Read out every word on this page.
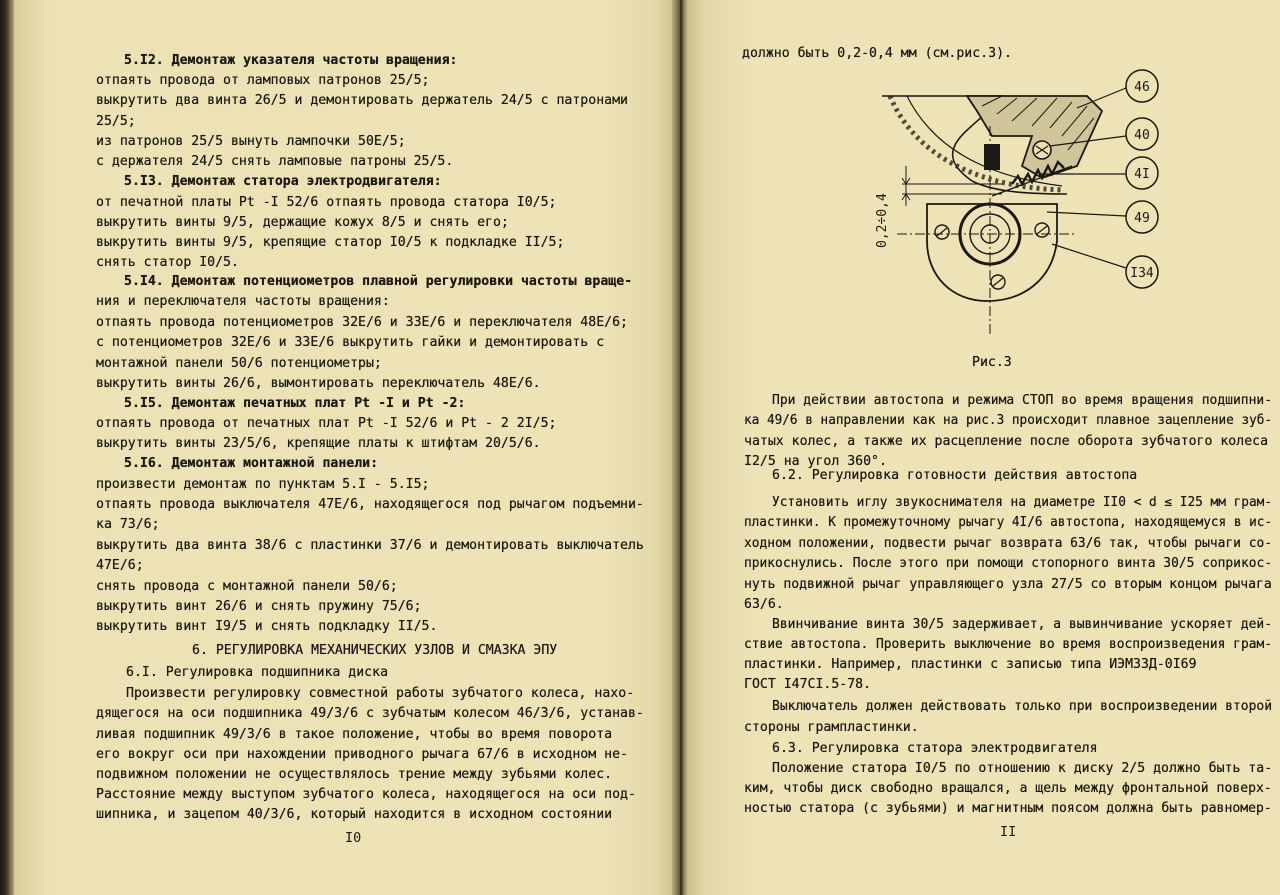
5.I2. Демонтаж указателя частоты вращения:
отпаять провода от ламповых патронов 25/5;
выкрутить два винта 26/5 и демонтировать держатель 24/5 с патронами
25/5;
из патронов 25/5 вынуть лампочки 50Е/5;
с держателя 24/5 снять ламповые патроны 25/5.
5.I3. Демонтаж статора электродвигателя:
от печатной платы Pt -I 52/6 отпаять провода статора I0/5;
выкрутить винты 9/5, держащие кожух 8/5 и снять его;
выкрутить винты 9/5, крепящие статор I0/5 к подкладке II/5;
снять статор I0/5.
5.I4. Демонтаж потенциометров плавной регулировки частоты враще-
ния и переключателя частоты вращения:
отпаять провода потенциометров 32Е/6 и 33Е/6 и переключателя 48Е/6;
с потенциометров 32Е/6 и 33Е/6 выкрутить гайки и демонтировать с
монтажной панели 50/6 потенциометры;
выкрутить винты 26/6, вымонтировать переключатель 48Е/6.
5.I5. Демонтаж печатных плат Pt -I и Pt -2:
отпаять провода от печатных плат Pt -I 52/6 и Pt - 2 2I/5;
выкрутить винты 23/5/6, крепящие платы к штифтам 20/5/6.
5.I6. Демонтаж монтажной панели:
произвести демонтаж по пунктам 5.I - 5.I5;
отпаять провода выключателя 47Е/6, находящегося под рычагом подъемни-
ка 73/6;
выкрутить два винта 38/6 с пластинки 37/6 и демонтировать выключатель
47Е/6;
снять провода с монтажной панели 50/6;
выкрутить винт 26/6 и снять пружину 75/6;
выкрутить винт I9/5 и снять подкладку II/5.
6. РЕГУЛИРОВКА МЕХАНИЧЕСКИХ УЗЛОВ И СМАЗКА ЭПУ
6.I. Регулировка подшипника диска
Произвести регулировку совместной работы зубчатого колеса, нахо-
дящегося на оси подшипника 49/3/6 с зубчатым колесом 46/3/6, устанав-
ливая подшипник 49/3/6 в такое положение, чтобы во время поворота
его вокруг оси при нахождении приводного рычага 67/6 в исходном не-
подвижном положении не осуществлялось трение между зубьями колес.
Расстояние между выступом зубчатого колеса, находящегося на оси под-
шипника, и зацепом 40/3/6, который находится в исходном состоянии
I0
должно быть 0,2-0,4 мм (см.рис.3).
0,2÷0,4
46
40
4I
49
I34
Рис.3
При действии автостопа и режима СТОП во время вращения подшипни-
ка 49/6 в направлении как на рис.3 происходит плавное зацепление зуб-
чатых колес, а также их расцепление после оборота зубчатого колеса
I2/5 на угол 360°.
6.2. Регулировка готовности действия автостопа
Установить иглу звукоснимателя на диаметре II0 < d ≤ I25 мм грам-
пластинки. К промежуточному рычагу 4I/6 автостопа, находящемуся в ис-
ходном положении, подвести рычаг возврата 63/6 так, чтобы рычаги со-
прикоснулись. После этого при помощи стопорного винта 30/5 соприкос-
нуть подвижной рычаг управляющего узла 27/5 со вторым концом рычага
63/6.
Ввинчивание винта 30/5 задерживает, а вывинчивание ускоряет дей-
ствие автостопа. Проверить выключение во время воспроизведения грам-
пластинки. Например, пластинки с записью типа ИЭМЗЗД-0I69
ГОСТ I47СI.5-78.
Выключатель должен действовать только при воспроизведении второй
стороны грампластинки.
6.3. Регулировка статора электродвигателя
Положение статора I0/5 по отношению к диску 2/5 должно быть та-
ким, чтобы диск свободно вращался, а щель между фронтальной поверх-
ностью статора (с зубьями) и магнитным поясом должна быть равномер-
II
